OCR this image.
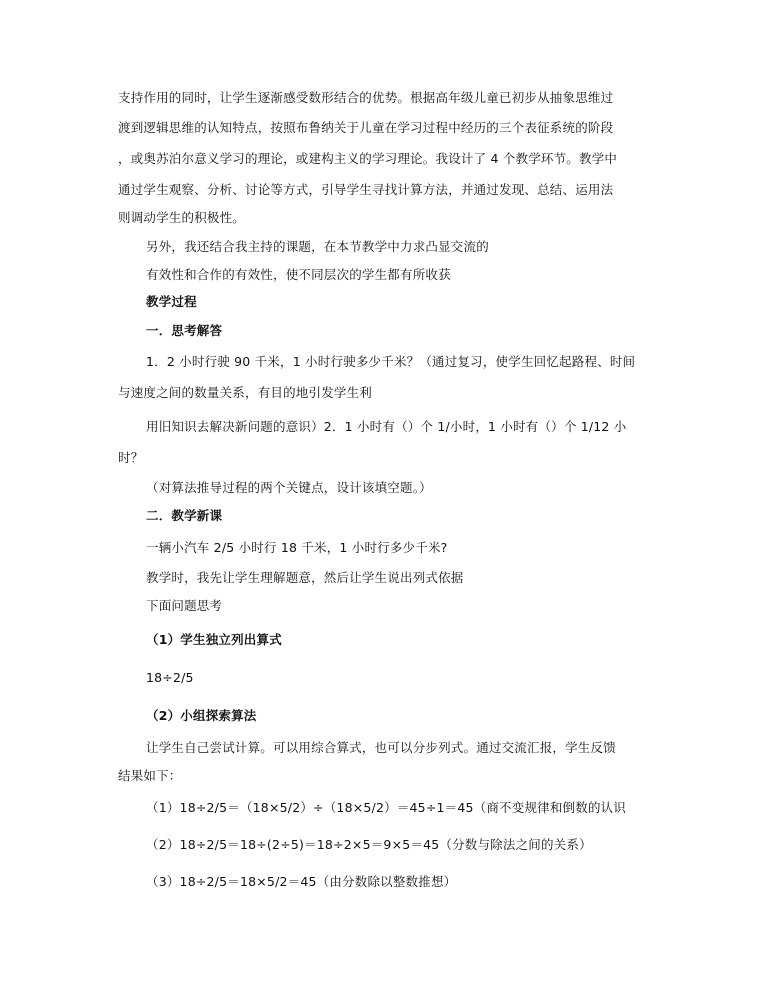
支持作用的同时，让学生逐渐感受数形结合的优势。根据高年级儿童已初步从抽象思维过
渡到逻辑思维的认知特点，按照布鲁纳关于儿童在学习过程中经历的三个表征系统的阶段
，或奥苏泊尔意义学习的理论，或建构主义的学习理论。我设计了 4 个教学环节。教学中
通过学生观察、分析、讨论等方式，引导学生寻找计算方法，并通过发现、总结、运用法
则调动学生的积极性。
另外，我还结合我主持的课题，在本节教学中力求凸显交流的
有效性和合作的有效性，使不同层次的学生都有所收获
教学过程
一．思考解答
1．2 小时行驶 90 千米，1 小时行驶多少千米？（通过复习，使学生回忆起路程、时间
与速度之间的数量关系，有目的地引发学生利
用旧知识去解决新问题的意识）2．1 小时有（）个 1/小时，1 小时有（）个 1/12 小
时？
（对算法推导过程的两个关键点，设计该填空题。）
二．教学新课
一辆小汽车 2/5 小时行 18 千米，1 小时行多少千米?
教学时，我先让学生理解题意，然后让学生说出列式依据
下面问题思考
（1）学生独立列出算式
18÷2/5
（2）小组探索算法
让学生自己尝试计算。可以用综合算式，也可以分步列式。通过交流汇报，学生反馈
结果如下：
（1）18÷2/5＝（18×5/2）÷（18×5/2）＝45÷1＝45（商不变规律和倒数的认识
（2）18÷2/5＝18÷(2÷5)＝18÷2×5＝9×5＝45（分数与除法之间的关系）
（3）18÷2/5＝18×5/2＝45（由分数除以整数推想）
